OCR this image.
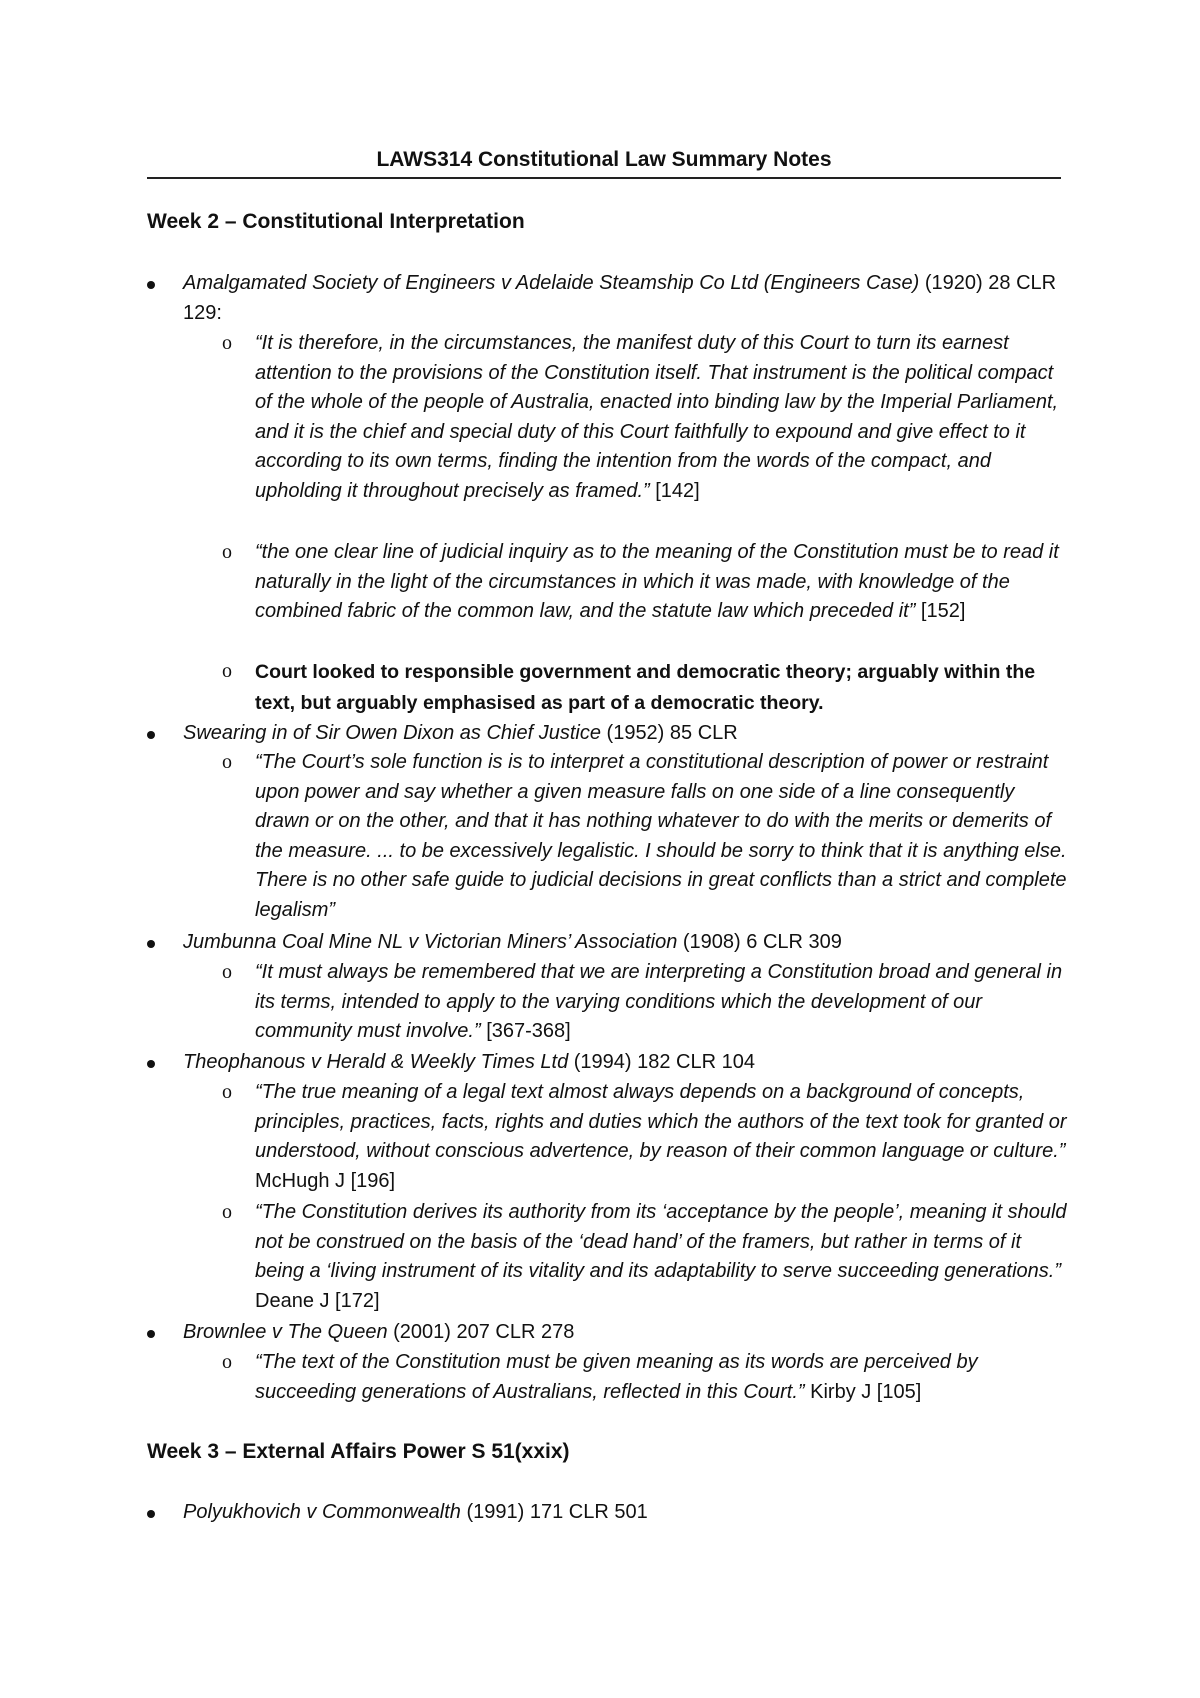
LAWS314 Constitutional Law Summary Notes
Week 2 – Constitutional Interpretation
Amalgamated Society of Engineers v Adelaide Steamship Co Ltd (Engineers Case) (1920) 28 CLR 129:
o “It is therefore, in the circumstances, the manifest duty of this Court to turn its earnest attention to the provisions of the Constitution itself. That instrument is the political compact of the whole of the people of Australia, enacted into binding law by the Imperial Parliament, and it is the chief and special duty of this Court faithfully to expound and give effect to it according to its own terms, finding the intention from the words of the compact, and upholding it throughout precisely as framed.” [142]
o “the one clear line of judicial inquiry as to the meaning of the Constitution must be to read it naturally in the light of the circumstances in which it was made, with knowledge of the combined fabric of the common law, and the statute law which preceded it” [152]
o Court looked to responsible government and democratic theory; arguably within the text, but arguably emphasised as part of a democratic theory.
Swearing in of Sir Owen Dixon as Chief Justice (1952) 85 CLR
o “The Court’s sole function is is to interpret a constitutional description of power or restraint upon power and say whether a given measure falls on one side of a line consequently drawn or on the other, and that it has nothing whatever to do with the merits or demerits of the measure. ... to be excessively legalistic. I should be sorry to think that it is anything else. There is no other safe guide to judicial decisions in great conflicts than a strict and complete legalism”
Jumbunna Coal Mine NL v Victorian Miners’ Association (1908) 6 CLR 309
o “It must always be remembered that we are interpreting a Constitution broad and general in its terms, intended to apply to the varying conditions which the development of our community must involve.” [367-368]
Theophanous v Herald & Weekly Times Ltd (1994) 182 CLR 104
o “The true meaning of a legal text almost always depends on a background of concepts, principles, practices, facts, rights and duties which the authors of the text took for granted or understood, without conscious advertence, by reason of their common language or culture.” McHugh J [196]
o “The Constitution derives its authority from its ‘acceptance by the people’, meaning it should not be construed on the basis of the ‘dead hand’ of the framers, but rather in terms of it being a ‘living instrument of its vitality and its adaptability to serve succeeding generations.” Deane J [172]
Brownlee v The Queen (2001) 207 CLR 278
o “The text of the Constitution must be given meaning as its words are perceived by succeeding generations of Australians, reflected in this Court.” Kirby J [105]
Week 3 – External Affairs Power S 51(xxix)
Polyukhovich v Commonwealth (1991) 171 CLR 501
